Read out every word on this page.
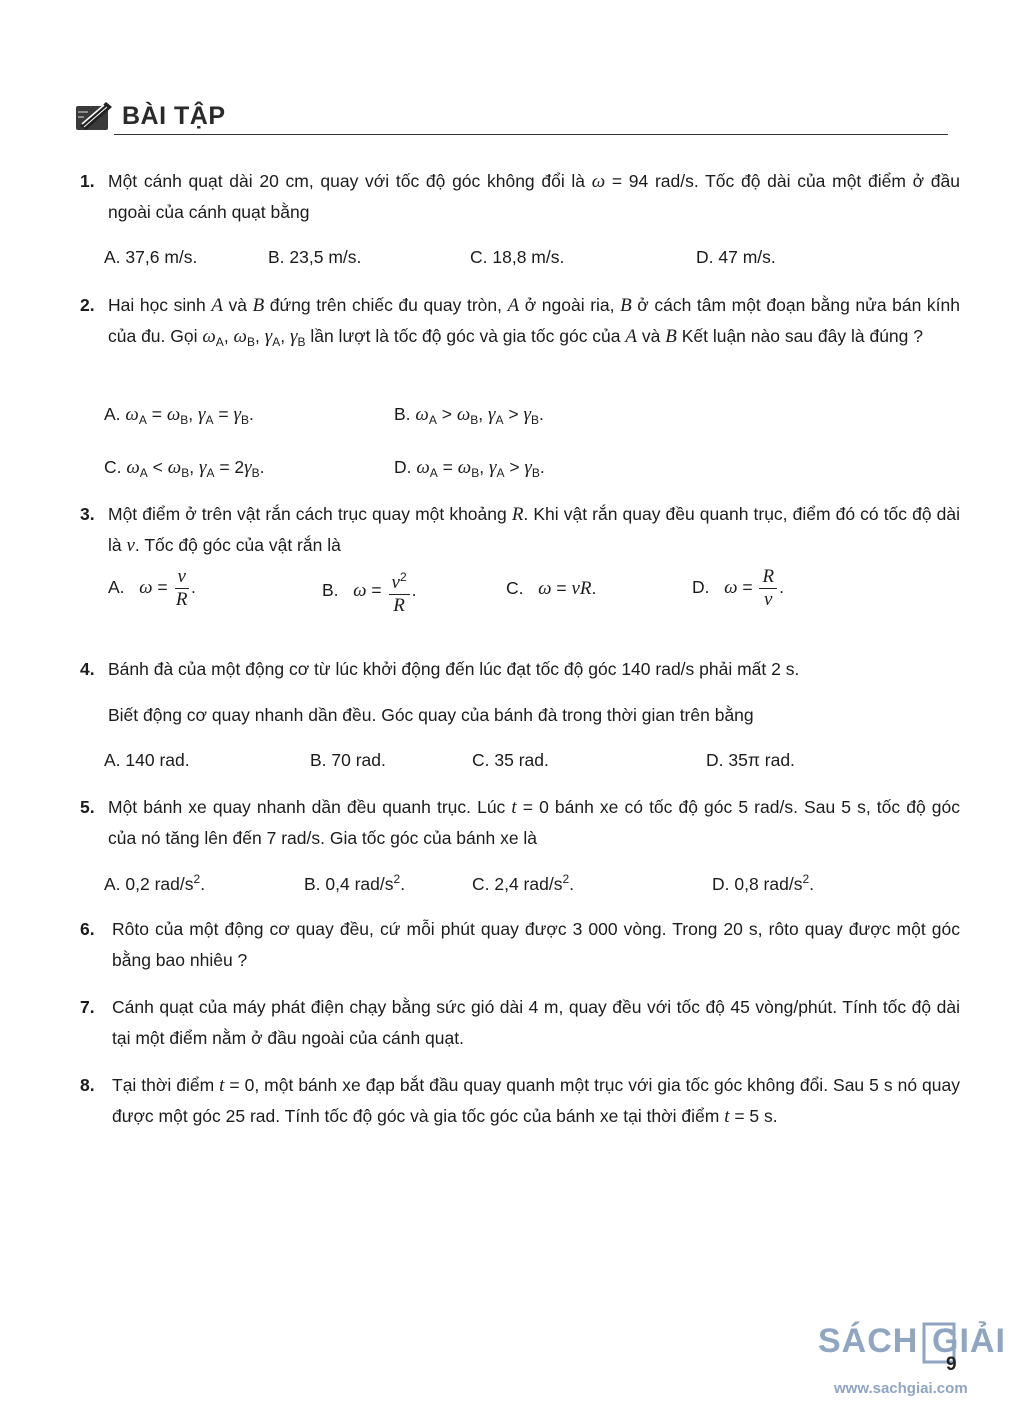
BÀI TẬP
1. Một cánh quạt dài 20 cm, quay với tốc độ góc không đổi là ω = 94 rad/s. Tốc độ dài của một điểm ở đầu ngoài của cánh quạt bằng
A. 37,6 m/s.	B. 23,5 m/s.	C. 18,8 m/s.	D. 47 m/s.
2. Hai học sinh A và B đứng trên chiếc đu quay tròn, A ở ngoài ria, B ở cách tâm một đoạn bằng nửa bán kính của đu. Gọi $\omega_A$, $\omega_B$, $\gamma_A$, $\gamma_B$ lần lượt là tốc độ góc và gia tốc góc của A và B Kết luận nào sau đây là đúng ?
A. $\omega_A = \omega_B$, $\gamma_A = \gamma_B$.	B. $\omega_A > \omega_B$, $\gamma_A > \gamma_B$.
C. $\omega_A < \omega_B$, $\gamma_A = 2\gamma_B$.	D. $\omega_A = \omega_B$, $\gamma_A > \gamma_B$.
3. Một điểm ở trên vật rắn cách trục quay một khoảng R. Khi vật rắn quay đều quanh trục, điểm đó có tốc độ dài là v. Tốc độ góc của vật rắn là
A. $\omega = \frac{v}{R}$ .	B. $\omega = \frac{v^2}{R}$ .	C. ω = vR.	D. $\omega = \frac{R}{v}$ .
4. Bánh đà của một động cơ từ lúc khởi động đến lúc đạt tốc độ góc 140 rad/s phải mất 2 s.
Biết động cơ quay nhanh dần đều. Góc quay của bánh đà trong thời gian trên bằng
A. 140 rad.	B. 70 rad.	C. 35 rad.	D. 35π rad.
5. Một bánh xe quay nhanh dần đều quanh trục. Lúc t = 0 bánh xe có tốc độ góc 5 rad/s. Sau 5 s, tốc độ góc của nó tăng lên đến 7 rad/s. Gia tốc góc của bánh xe là
A. 0,2 rad/$s^2$.	B. 0,4 rad/$s^2$.	C. 2,4 rad/$s^2$.	D. 0,8 rad/$s^2$.
6. Rôto của một động cơ quay đều, cứ mỗi phút quay được 3 000 vòng. Trong 20 s, rôto quay được một góc bằng bao nhiêu ?
7. Cánh quạt của máy phát điện chạy bằng sức gió dài 4 m, quay đều với tốc độ 45 vòng/phút. Tính tốc độ dài tại một điểm nằm ở đầu ngoài của cánh quạt.
8. Tại thời điểm t = 0, một bánh xe đạp bắt đầu quay quanh một trục với gia tốc góc không đổi. Sau 5 s nó quay được một góc 25 rad. Tính tốc độ góc và gia tốc góc của bánh xe tại thời điểm t = 5 s.
SÁCH GIẢI
9
www.sachgiai.com
